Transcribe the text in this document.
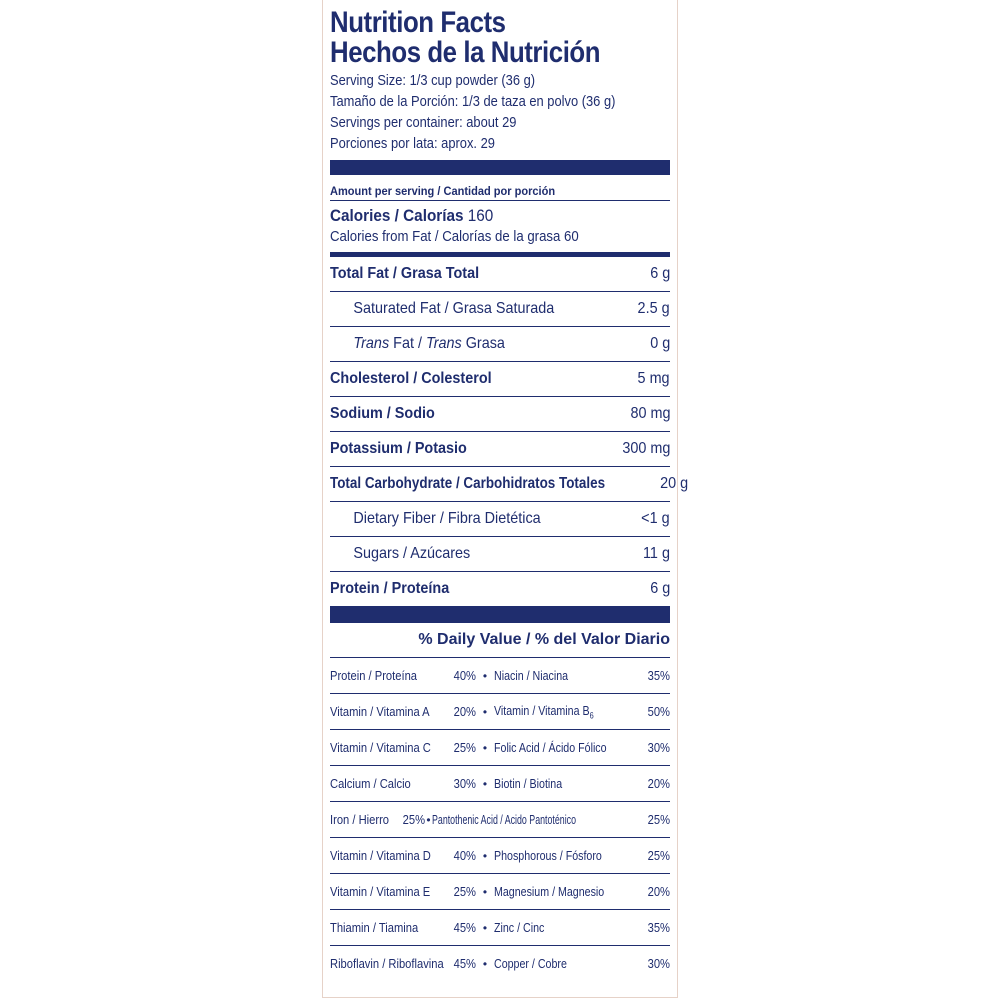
Nutrition Facts
Hechos de la Nutrición
Serving Size: 1/3 cup powder (36 g)
Tamaño de la Porción: 1/3 de taza en polvo (36 g)
Servings per container: about 29
Porciones por lata: aprox. 29
Amount per serving / Cantidad por porción
Calories / Calorías 160
Calories from Fat / Calorías de la grasa 60
Total Fat / Grasa Total	6 g
Saturated Fat / Grasa Saturada	2.5 g
Trans Fat / Trans Grasa	0 g
Cholesterol / Colesterol	5 mg
Sodium / Sodio	80 mg
Potassium / Potasio	300 mg
Total Carbohydrate / Carbohidratos Totales	20 g
Dietary Fiber / Fibra Dietética	<1 g
Sugars / Azúcares	11 g
Protein / Proteína	6 g
% Daily Value / % del Valor Diario
Protein / Proteína	40% • Niacin / Niacina	35%
Vitamin / Vitamina A 20% • Vitamin / Vitamina $B_6$	50%
Vitamin / Vitamina C 25% • Folic Acid / Ácido Fólico	30%
Calcium / Calcio	30% • Biotin / Biotina	20%
Iron / Hierro 25% • Pantothenic Acid / Acido Pantoténico	25%
Vitamin / Vitamina D 40% • Phosphorous / Fósforo	25%
Vitamin / Vitamina E 25% • Magnesium / Magnesio	20%
Thiamin / Tiamina	45% • Zinc / Cinc	35%
Riboflavin / Riboflavina 45% • Copper / Cobre	30%
